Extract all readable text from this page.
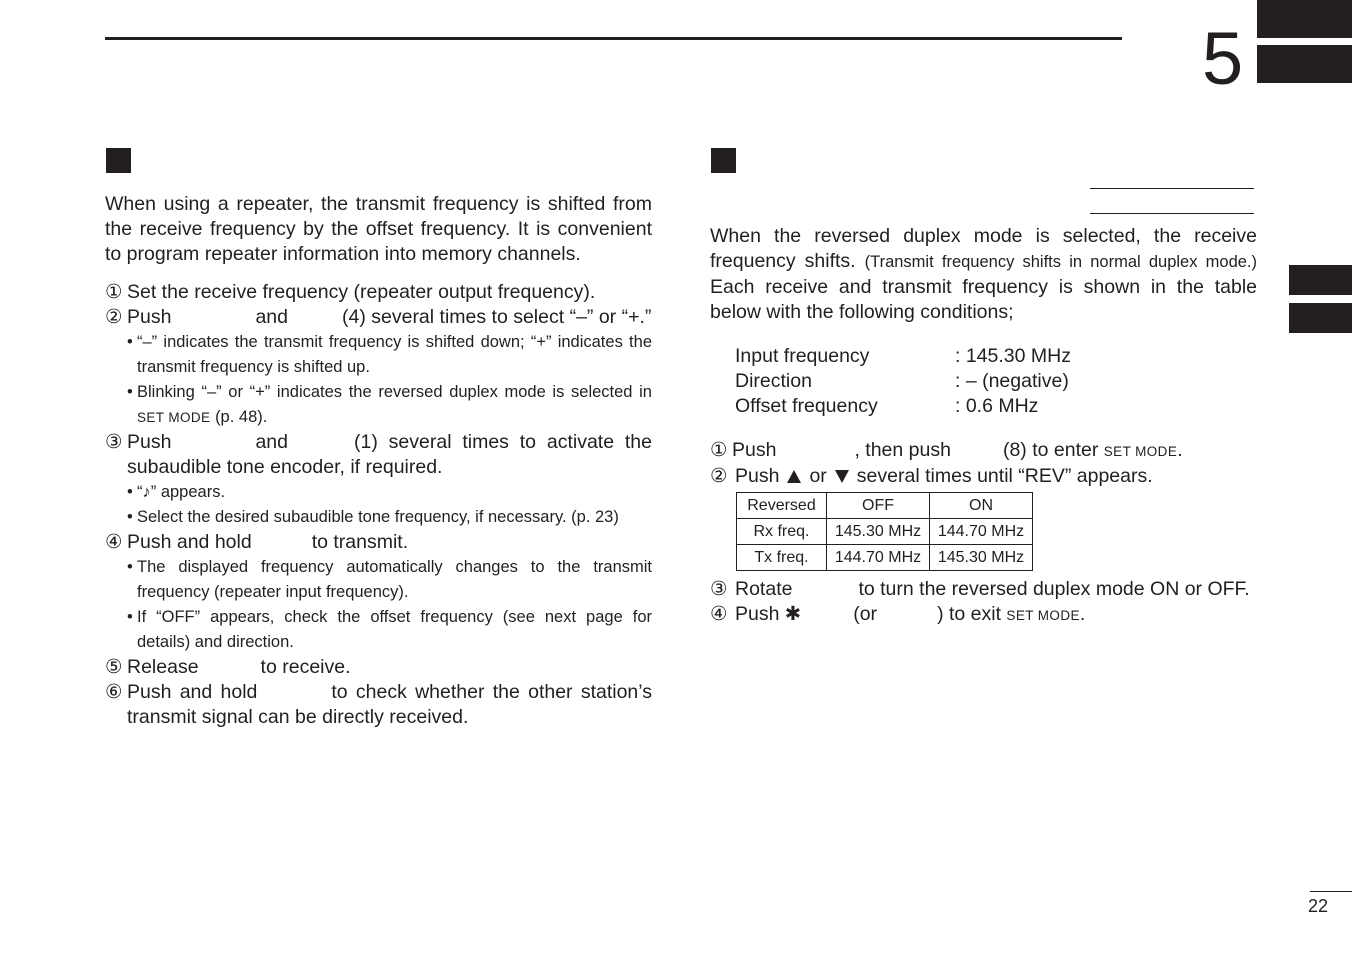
5
22

When using a repeater, the transmit frequency is shifted from the receive frequency by the offset frequency. It is convenient to program repeater information into memory channels.

① Set the receive frequency (repeater output frequency).
② Push	and	(4) several times to select “–” or “+.”
• “–” indicates the transmit frequency is shifted down; “+” indicates the transmit frequency is shifted up.
• Blinking “–” or “+” indicates the reversed duplex mode is selected in SET MODE (p. 48).
③ Push	and	(1) several times to activate the subaudible tone encoder, if required.
• “♪” appears.
• Select the desired subaudible tone frequency, if necessary. (p. 23)
④ Push and hold	to transmit.
• The displayed frequency automatically changes to the transmit frequency (repeater input frequency).
• If “OFF” appears, check the offset frequency (see next page for details) and direction.
⑤ Release	to receive.
⑥ Push and hold	to check whether the other station’s transmit signal can be directly received.

When the reversed duplex mode is selected, the receive frequency shifts. (Transmit frequency shifts in normal duplex mode.) Each receive and transmit frequency is shown in the table below with the following conditions;

Input frequency	: 145.30 MHz
Direction	: – (negative)
Offset frequency	: 0.6 MHz
① Push	, then push	(8) to enter SET MODE.
② Push or several times until “REV” appears.
Reversed	OFF	ON
Rx freq.	145.30 MHz	144.70 MHz
Tx freq.	144.70 MHz	145.30 MHz
③ Rotate	to turn the reversed duplex mode ON or OFF.
④ Push ✱	(or	) to exit SET MODE.
